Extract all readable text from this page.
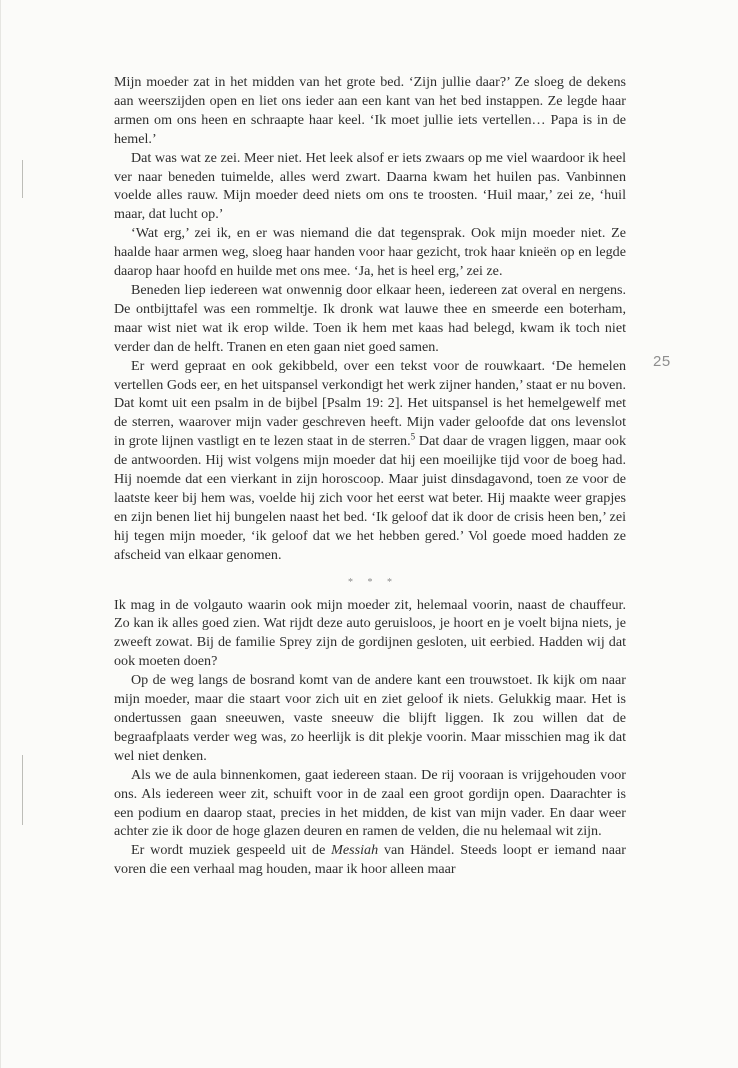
25

Mijn moeder zat in het midden van het grote bed. ‘Zijn jullie daar?’ Ze sloeg de dekens aan weerszijden open en liet ons ieder aan een kant van het bed instappen. Ze legde haar armen om ons heen en schraapte haar keel. ‘Ik moet jullie iets vertellen… Papa is in de hemel.’

Dat was wat ze zei. Meer niet. Het leek alsof er iets zwaars op me viel waardoor ik heel ver naar beneden tuimelde, alles werd zwart. Daarna kwam het huilen pas. Vanbinnen voelde alles rauw. Mijn moeder deed niets om ons te troosten. ‘Huil maar,’ zei ze, ‘huil maar, dat lucht op.’

‘Wat erg,’ zei ik, en er was niemand die dat tegensprak. Ook mijn moeder niet. Ze haalde haar armen weg, sloeg haar handen voor haar gezicht, trok haar knieën op en legde daarop haar hoofd en huilde met ons mee. ‘Ja, het is heel erg,’ zei ze.

Beneden liep iedereen wat onwennig door elkaar heen, iedereen zat overal en nergens. De ontbijttafel was een rommeltje. Ik dronk wat lauwe thee en smeerde een boterham, maar wist niet wat ik erop wilde. Toen ik hem met kaas had belegd, kwam ik toch niet verder dan de helft. Tranen en eten gaan niet goed samen.

Er werd gepraat en ook gekibbeld, over een tekst voor de rouwkaart. ‘De hemelen vertellen Gods eer, en het uitspansel verkondigt het werk zijner handen,’ staat er nu boven. Dat komt uit een psalm in de bijbel [Psalm 19: 2]. Het uitspansel is het hemelgewelf met de sterren, waarover mijn vader geschreven heeft. Mijn vader geloofde dat ons levenslot in grote lijnen vastligt en te lezen staat in de sterren.$^5$ Dat daar de vragen liggen, maar ook de antwoorden. Hij wist volgens mijn moeder dat hij een moeilijke tijd voor de boeg had. Hij noemde dat een vierkant in zijn horoscoop. Maar juist dinsdagavond, toen ze voor de laatste keer bij hem was, voelde hij zich voor het eerst wat beter. Hij maakte weer grapjes en zijn benen liet hij bungelen naast het bed. ‘Ik geloof dat ik door de crisis heen ben,’ zei hij tegen mijn moeder, ‘ik geloof dat we het hebben gered.’ Vol goede moed hadden ze afscheid van elkaar genomen.

* * *

Ik mag in de volgauto waarin ook mijn moeder zit, helemaal voorin, naast de chauffeur. Zo kan ik alles goed zien. Wat rijdt deze auto geruisloos, je hoort en je voelt bijna niets, je zweeft zowat. Bij de familie Sprey zijn de gordijnen gesloten, uit eerbied. Hadden wij dat ook moeten doen?

Op de weg langs de bosrand komt van de andere kant een trouwstoet. Ik kijk om naar mijn moeder, maar die staart voor zich uit en ziet geloof ik niets. Gelukkig maar. Het is ondertussen gaan sneeuwen, vaste sneeuw die blijft liggen. Ik zou willen dat de begraafplaats verder weg was, zo heerlijk is dit plekje voorin. Maar misschien mag ik dat wel niet denken.

Als we de aula binnenkomen, gaat iedereen staan. De rij vooraan is vrijgehouden voor ons. Als iedereen weer zit, schuift voor in de zaal een groot gordijn open. Daarachter is een podium en daarop staat, precies in het midden, de kist van mijn vader. En daar weer achter zie ik door de hoge glazen deuren en ramen de velden, die nu helemaal wit zijn.

Er wordt muziek gespeeld uit de Messiah van Händel. Steeds loopt er iemand naar voren die een verhaal mag houden, maar ik hoor alleen maar
